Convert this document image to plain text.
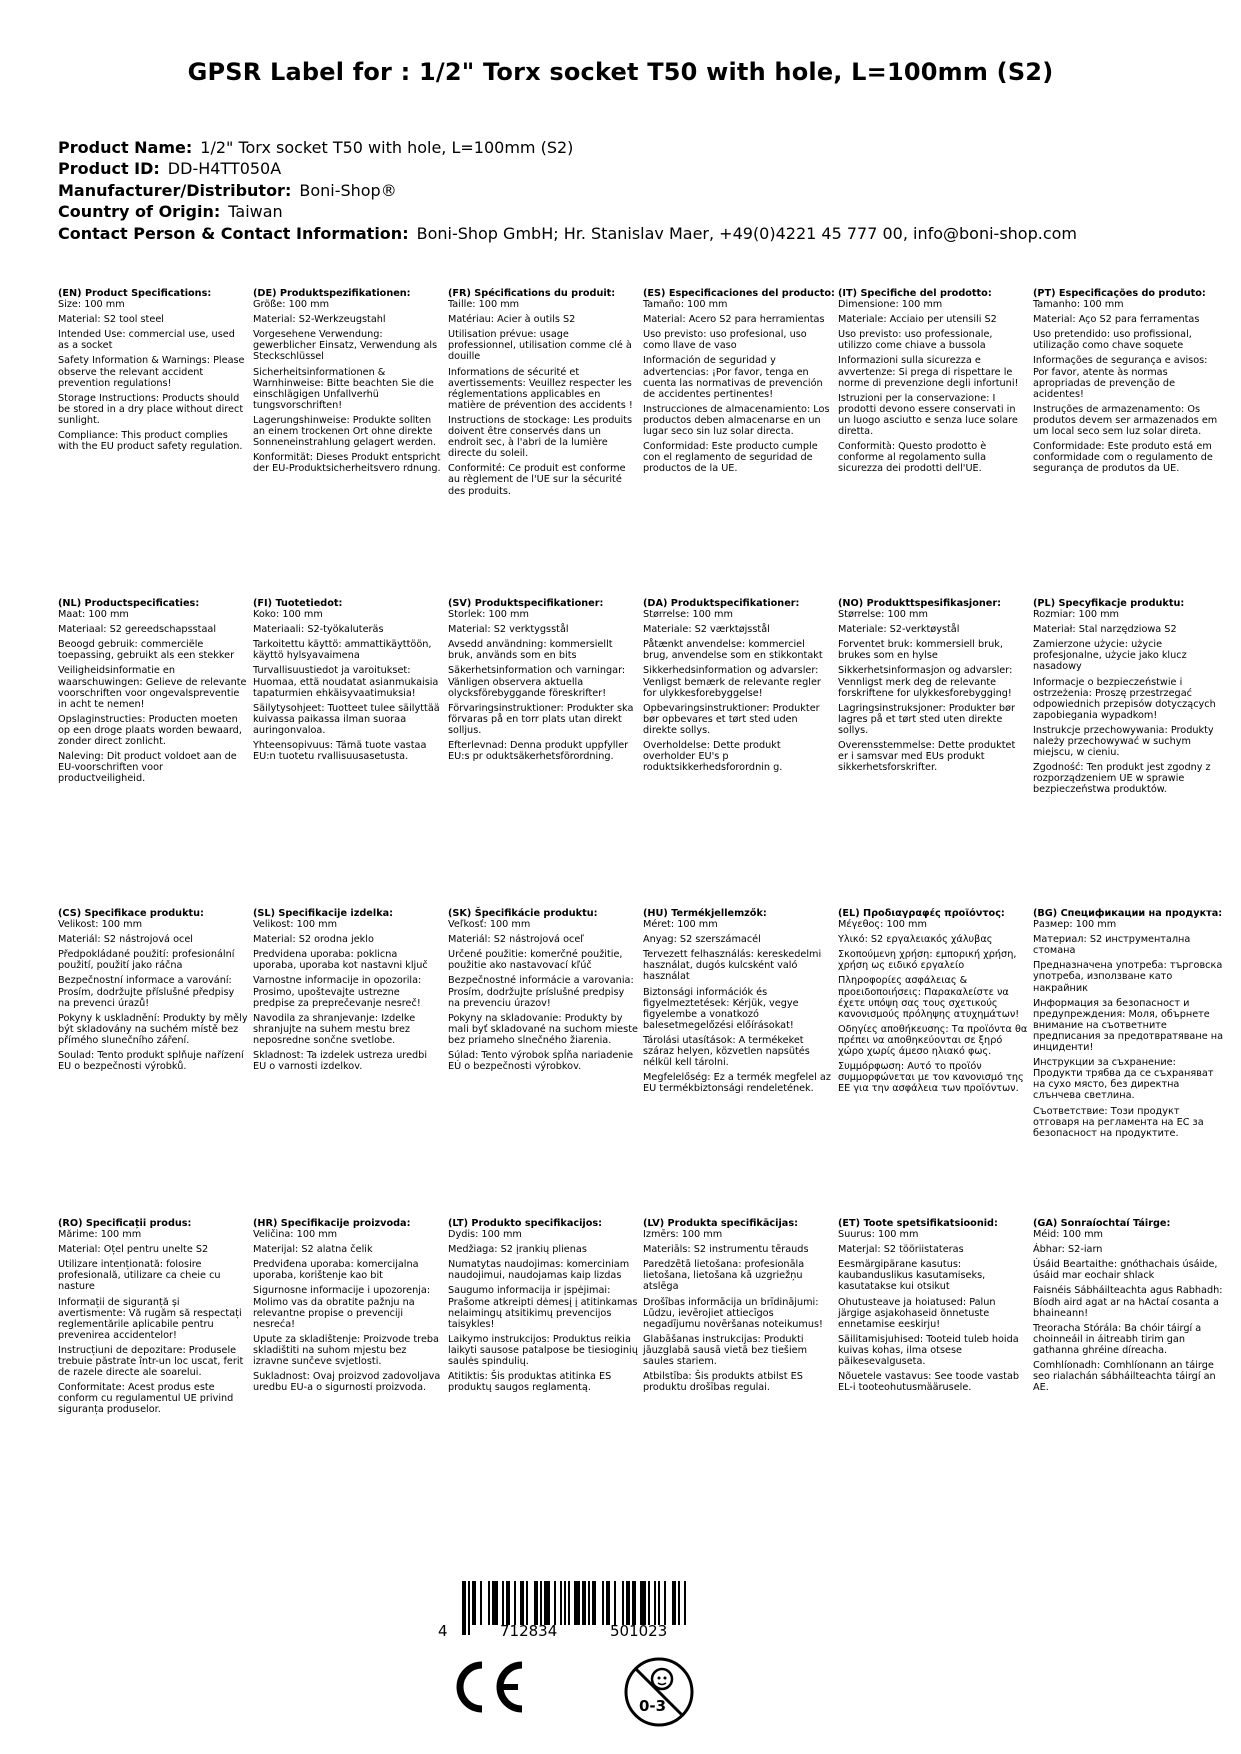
GPSR Label for : 1/2" Torx socket T50 with hole, L=100mm (S2)
Product Name: 1/2" Torx socket T50 with hole, L=100mm (S2)
Product ID: DD-H4TT050A
Manufacturer/Distributor: Boni-Shop®
Country of Origin: Taiwan
Contact Person & Contact Information: Boni-Shop GmbH; Hr. Stanislav Maer, +49(0)4221 45 777 00, info@boni-shop.com
(EN) Product Specifications:
Size: 100 mm
Material: S2 tool steel
Intended Use: commercial use, used as a socket
Safety Information & Warnings: Please observe the relevant accident prevention regulations!
Storage Instructions: Products should be stored in a dry place without direct sunlight.
Compliance: This product complies with the EU product safety regulation.
(DE) Produktspezifikationen:
Größe: 100 mm
Material: S2-Werkzeugstahl
Vorgesehene Verwendung: gewerblicher Einsatz, Verwendung als Steckschlüssel
Sicherheitsinformationen & Warnhinweise: Bitte beachten Sie die einschlägigen Unfallverhü tungsvorschriften!
Lagerungshinweise: Produkte sollten an einem trockenen Ort ohne direkte Sonneneinstrahlung gelagert werden.
Konformität: Dieses Produkt entspricht der EU-Produktsicherheitsvero rdnung.
(FR) Spécifications du produit:
Taille: 100 mm
Matériau: Acier à outils S2
Utilisation prévue: usage professionnel, utilisation comme clé à douille
Informations de sécurité et avertissements: Veuillez respecter les réglementations applicables en matière de prévention des accidents !
Instructions de stockage: Les produits doivent être conservés dans un endroit sec, à l'abri de la lumière directe du soleil.
Conformité: Ce produit est conforme au règlement de l'UE sur la sécurité des produits.
(ES) Especificaciones del producto:
Tamaño: 100 mm
Material: Acero S2 para herramientas
Uso previsto: uso profesional, uso como llave de vaso
Información de seguridad y advertencias: ¡Por favor, tenga en cuenta las normativas de prevención de accidentes pertinentes!
Instrucciones de almacenamiento: Los productos deben almacenarse en un lugar seco sin luz solar directa.
Conformidad: Este producto cumple con el reglamento de seguridad de productos de la UE.
(IT) Specifiche del prodotto:
Dimensione: 100 mm
Materiale: Acciaio per utensili S2
Uso previsto: uso professionale, utilizzo come chiave a bussola
Informazioni sulla sicurezza e avvertenze: Si prega di rispettare le norme di prevenzione degli infortuni!
Istruzioni per la conservazione: I prodotti devono essere conservati in un luogo asciutto e senza luce solare diretta.
Conformità: Questo prodotto è conforme al regolamento sulla sicurezza dei prodotti dell'UE.
(PT) Especificações do produto:
Tamanho: 100 mm
Material: Aço S2 para ferramentas
Uso pretendido: uso profissional, utilização como chave soquete
Informações de segurança e avisos: Por favor, atente às normas apropriadas de prevenção de acidentes!
Instruções de armazenamento: Os produtos devem ser armazenados em um local seco sem luz solar direta.
Conformidade: Este produto está em conformidade com o regulamento de segurança de produtos da UE.
(NL) Productspecificaties:
Maat: 100 mm
Materiaal: S2 gereedschapsstaal
Beoogd gebruik: commerciële toepassing, gebruikt als een stekker
Veiligheidsinformatie en waarschuwingen: Gelieve de relevante voorschriften voor ongevalspreventie in acht te nemen!
Opslaginstructies: Producten moeten op een droge plaats worden bewaard, zonder direct zonlicht.
Naleving: Dit product voldoet aan de EU-voorschriften voor productveiligheid.
(FI) Tuotetiedot:
Koko: 100 mm
Materiaali: S2-työkaluteräs
Tarkoitettu käyttö: ammattikäyttöön, käyttö hylsyavaimena
Turvallisuustiedot ja varoitukset: Huomaa, että noudatat asianmukaisia tapaturmien ehkäisyvaatimuksia!
Säilytysohjeet: Tuotteet tulee säilyttää kuivassa paikassa ilman suoraa auringonvaloa.
Yhteensopivuus: Tämä tuote vastaa EU:n tuotetu rvallisuusasetusta.
(SV) Produktspecifikationer:
Storlek: 100 mm
Material: S2 verktygsstål
Avsedd användning: kommersiellt bruk, används som en bits
Säkerhetsinformation och varningar: Vänligen observera aktuella olycksförebyggande föreskrifter!
Förvaringsinstruktioner: Produkter ska förvaras på en torr plats utan direkt solljus.
Efterlevnad: Denna produkt uppfyller EU:s pr oduktsäkerhetsförordning.
(DA) Produktspecifikationer:
Størrelse: 100 mm
Materiale: S2 værktøjsstål
Påtænkt anvendelse: kommerciel brug, anvendelse som en stikkontakt
Sikkerhedsinformation og advarsler: Venligst bemærk de relevante regler for ulykkesforebyggelse!
Opbevaringsinstruktioner: Produkter bør opbevares et tørt sted uden direkte sollys.
Overholdelse: Dette produkt overholder EU's p roduktsikkerhedsforordnin g.
(NO) Produkttspesifikasjoner:
Størrelse: 100 mm
Materiale: S2-verktøystål
Forventet bruk: kommersiell bruk, brukes som en hylse
Sikkerhetsinformasjon og advarsler: Vennligst merk deg de relevante forskriftene for ulykkesforebygging!
Lagringsinstruksjoner: Produkter bør lagres på et tørt sted uten direkte sollys.
Overensstemmelse: Dette produktet er i samsvar med EUs produkt sikkerhetsforskrifter.
(PL) Specyfikacje produktu:
Rozmiar: 100 mm
Materiał: Stal narzędziowa S2
Zamierzone użycie: użycie profesjonalne, użycie jako klucz nasadowy
Informacje o bezpieczeństwie i ostrzeżenia: Proszę przestrzegać odpowiednich przepisów dotyczących zapobiegania wypadkom!
Instrukcje przechowywania: Produkty należy przechowywać w suchym miejscu, w cieniu.
Zgodność: Ten produkt jest zgodny z rozporządzeniem UE w sprawie bezpieczeństwa produktów.
(CS) Specifikace produktu:
Velikost: 100 mm
Materiál: S2 nástrojová ocel
Předpokládané použití: profesionální použití, použití jako ráčna
Bezpečnostní informace a varování: Prosím, dodržujte příslušné předpisy na prevenci úrazů!
Pokyny k uskladnění: Produkty by měly být skladovány na suchém místě bez přímého slunečního záření.
Soulad: Tento produkt splňuje nařízení EU o bezpečnosti výrobků.
(SL) Specifikacije izdelka:
Velikost: 100 mm
Material: S2 orodna jeklo
Predvidena uporaba: poklicna uporaba, uporaba kot nastavni ključ
Varnostne informacije in opozorila: Prosimo, upoštevajte ustrezne predpise za preprečevanje nesreč!
Navodila za shranjevanje: Izdelke shranjujte na suhem mestu brez neposredne sončne svetlobe.
Skladnost: Ta izdelek ustreza uredbi EU o varnosti izdelkov.
(SK) Špecifikácie produktu:
Veľkosť: 100 mm
Materiál: S2 nástrojová oceľ
Určené použitie: komerčné použitie, použitie ako nastavovací kľúč
Bezpečnostné informácie a varovania: Prosím, dodržujte príslušné predpisy na prevenciu úrazov!
Pokyny na skladovanie: Produkty by mali byť skladované na suchom mieste bez priameho slnečného žiarenia.
Súlad: Tento výrobok spĺňa nariadenie EÚ o bezpečnosti výrobkov.
(HU) Termékjellemzők:
Méret: 100 mm
Anyag: S2 szerszámacél
Tervezett felhasználás: kereskedelmi használat, dugós kulcsként való használat
Biztonsági információk és figyelmeztetések: Kérjük, vegye figyelembe a vonatkozó balesetmegelőzési előírásokat!
Tárolási utasítások: A termékeket száraz helyen, közvetlen napsütés nélkül kell tárolni.
Megfelelőség: Ez a termék megfelel az EU termékbiztonsági rendeletének.
(EL) Προδιαγραφές προϊόντος:
Μέγεθος: 100 mm
Υλικό: S2 εργαλειακός χάλυβας
Σκοπούμενη χρήση: εμπορική χρήση, χρήση ως ειδικό εργαλείο
Πληροφορίες ασφάλειας & προειδοποιήσεις: Παρακαλείστε να έχετε υπόψη σας τους σχετικούς κανονισμούς πρόληψης ατυχημάτων!
Οδηγίες αποθήκευσης: Τα προϊόντα θα πρέπει να αποθηκεύονται σε ξηρό χώρο χωρίς άμεσο ηλιακό φως.
Συμμόρφωση: Αυτό το προϊόν συμμορφώνεται με τον κανονισμό της ΕΕ για την ασφάλεια των προϊόντων.
(BG) Спецификации на продукта:
Размер: 100 mm
Материал: S2 инструментална стомана
Предназначена употреба: търговска употреба, използване като накрайник
Информация за безопасност и предупреждения: Моля, обърнете внимание на съответните предписания за предотвратяване на инциденти!
Инструкции за съхранение: Продукти трябва да се съхраняват на сухо място, без директна слънчева светлина.
Съответствие: Този продукт отговаря на регламента на ЕС за безопасност на продуктите.
(RO) Specificații produs:
Mărime: 100 mm
Material: Oțel pentru unelte S2
Utilizare intenționată: folosire profesională, utilizare ca cheie cu nasture
Informații de siguranță și avertismente: Vă rugăm să respectați reglementările aplicabile pentru prevenirea accidentelor!
Instrucțiuni de depozitare: Produsele trebuie păstrate într-un loc uscat, ferit de razele directe ale soarelui.
Conformitate: Acest produs este conform cu regulamentul UE privind siguranța produselor.
(HR) Specifikacije proizvoda:
Veličina: 100 mm
Materijal: S2 alatna čelik
Predviđena uporaba: komercijalna uporaba, korištenje kao bit
Sigurnosne informacije i upozorenja: Molimo vas da obratite pažnju na relevantne propise o prevenciji nesreća!
Upute za skladištenje: Proizvode treba skladištiti na suhom mjestu bez izravne sunčeve svjetlosti.
Sukladnost: Ovaj proizvod zadovoljava uredbu EU-a o sigurnosti proizvoda.
(LT) Produkto specifikacijos:
Dydis: 100 mm
Medžiaga: S2 įrankių plienas
Numatytas naudojimas: komerciniam naudojimui, naudojamas kaip lizdas
Saugumo informacija ir įspėjimai: Prašome atkreipti dėmesį į atitinkamas nelaimingų atsitikimų prevencijos taisykles!
Laikymo instrukcijos: Produktus reikia laikyti sausose patalpose be tiesioginių saulės spindulių.
Atitiktis: Šis produktas atitinka ES produktų saugos reglamentą.
(LV) Produkta specifikācijas:
Izmērs: 100 mm
Materiāls: S2 instrumentu tērauds
Paredzētā lietošana: profesionāla lietošana, lietošana kā uzgriežņu atslēga
Drošības informācija un brīdinājumi: Lūdzu, ievērojiet attiecīgos negadījumu novēršanas noteikumus!
Glabāšanas instrukcijas: Produkti jāuzglabā sausā vietā bez tiešiem saules stariem.
Atbilstība: Šis produkts atbilst ES produktu drošības regulai.
(ET) Toote spetsifikatsioonid:
Suurus: 100 mm
Materjal: S2 tööriistateras
Eesmärgipärane kasutus: kaubanduslikus kasutamiseks, kasutatakse kui otsikut
Ohutusteave ja hoiatused: Palun järgige asjakohaseid õnnetuste ennetamise eeskirju!
Säilitamisjuhised: Tooteid tuleb hoida kuivas kohas, ilma otsese päikesevalguseta.
Nõuetele vastavus: See toode vastab EL-i tooteohutusmäärusele.
(GA) Sonraíochtaí Táirge:
Méid: 100 mm
Ábhar: S2-iarn
Úsáid Beartaithe: gnóthachais úsáide, úsáid mar eochair shlack
Faisnéis Sábháilteachta agus Rabhadh: Bíodh aird agat ar na hActaí cosanta a bhaineann!
Treoracha Stórála: Ba chóir táirgí a choinneáil in áitreabh tirim gan gathanna ghréine díreacha.
Comhlíonadh: Comhlíonann an táirge seo rialachán sábháilteachta táirgí an AE.
4	712834	501023
0-3
